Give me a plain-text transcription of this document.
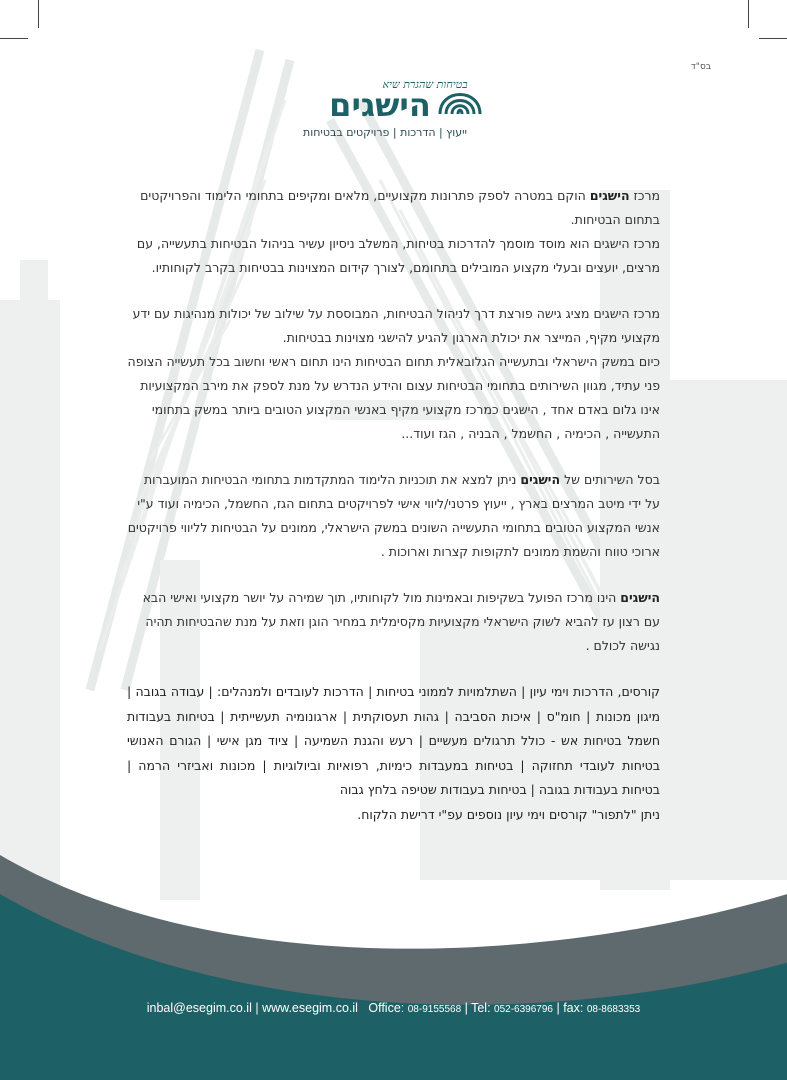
בס"ד
בטיחות שהגרת שיא
הישגים
ייעוץ | הדרכות | פרויקטים בבטיחות

מרכז הישגים הוקם במטרה לספק פתרונות מקצועיים, מלאים ומקיפים בתחומי הלימוד והפרויקטים בתחום הבטיחות.

מרכז הישגים הוא מוסד מוסמך להדרכות בטיחות, המשלב ניסיון עשיר בניהול הבטיחות בתעשייה, עם מרצים, יועצים ובעלי מקצוע המובילים בתחומם, לצורך קידום המצוינות בבטיחות בקרב לקוחותיו.

מרכז הישגים מציג גישה פורצת דרך לניהול הבטיחות, המבוססת על שילוב של יכולות מנהיגות עם ידע מקצועי מקיף, המייצר את יכולת הארגון להגיע להישגי מצוינות בבטיחות.

כיום במשק הישראלי ובתעשייה הגלובאלית תחום הבטיחות הינו תחום ראשי וחשוב בכל תעשייה הצופה פני עתיד, מגוון השירותים בתחומי הבטיחות עצום והידע הנדרש על מנת לספק את מירב המקצועיות אינו גלום באדם אחד , הישגים כמרכז מקצועי מקיף באנשי המקצוע הטובים ביותר במשק בתחומי התעשייה , הכימיה , החשמל , הבניה , הגז ועוד...

בסל השירותים של הישגים ניתן למצא את תוכניות הלימוד המתקדמות בתחומי הבטיחות המועברות על ידי מיטב המרצים בארץ , ייעוץ פרטני/ליווי אישי לפרויקטים בתחום הגז, החשמל, הכימיה ועוד ע"י אנשי המקצוע הטובים בתחומי התעשייה השונים במשק הישראלי, ממונים על הבטיחות לליווי פרויקטים ארוכי טווח והשמת ממונים לתקופות קצרות וארוכות .

הישגים הינו מרכז הפועל בשקיפות ובאמינות מול לקוחותיו, תוך שמירה על יושר מקצועי ואישי הבא עם רצון עז להביא לשוק הישראלי מקצועיות מקסימלית במחיר הוגן וזאת על מנת שהבטיחות תהיה נגישה לכולם .

קורסים, הדרכות וימי עיון | השתלמויות לממוני בטיחות | הדרכות לעובדים ולמנהלים: | עבודה בגובה | מיגון מכונות | חומ"ס | איכות הסביבה | גהות תעסוקתית | ארגונומיה תעשייתית | בטיחות בעבודות חשמל בטיחות אש - כולל תרגולים מעשיים | רעש והגנת השמיעה | ציוד מגן אישי | הגורם האנושי בטיחות לעובדי תחזוקה | בטיחות במעבדות כימיות, רפואיות וביולוגיות | מכונות ואביזרי הרמה | בטיחות בעבודות בגובה | בטיחות בעבודות שטיפה בלחץ גבוה

ניתן "לתפור" קורסים וימי עיון נוספים עפ"י דרישת הלקוח.

inbal@esegim.co.il | www.esegim.co.il Office: 08-9155568 | Tel: 052-6396796 | fax: 08-8683353
